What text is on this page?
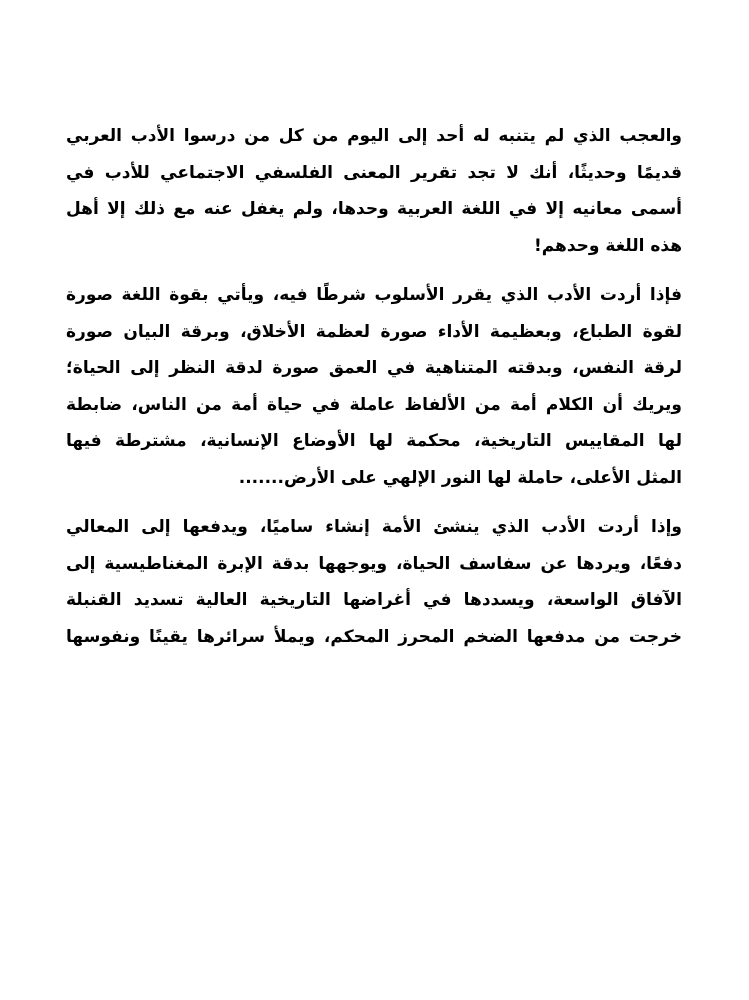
والعجب الذي لم يتنبه له أحد إلى اليوم من كل من درسوا الأدب العربي
قديمًا وحديثًا، أنك لا تجد تقرير المعنى الفلسفي الاجتماعي للأدب في
أسمى معانيه إلا في اللغة العربية وحدها، ولم يغفل عنه مع ذلك إلا أهل
هذه اللغة وحدهم!
فإذا أردت الأدب الذي يقرر الأسلوب شرطًا فيه، ويأتي بقوة اللغة صورة
لقوة الطباع، وبعظيمة الأداء صورة لعظمة الأخلاق، وبرقة البيان صورة
لرقة النفس، وبدقته المتناهية في العمق صورة لدقة النظر إلى الحياة؛
ويريك أن الكلام أمة من الألفاظ عاملة في حياة أمة من الناس، ضابطة
لها المقاييس التاريخية، محكمة لها الأوضاع الإنسانية، مشترطة فيها
المثل الأعلى، حاملة لها النور الإلهي على الأرض.......
وإذا أردت الأدب الذي ينشئ الأمة إنشاء ساميًا، ويدفعها إلى المعالي
دفعًا، ويردها عن سفاسف الحياة، ويوجهها بدقة الإبرة المغناطيسية إلى
الآفاق الواسعة، ويسددها في أغراضها التاريخية العالية تسديد القنبلة
خرجت من مدفعها الضخم المحرز المحكم، ويملأ سرائرها يقينًا ونفوسها
